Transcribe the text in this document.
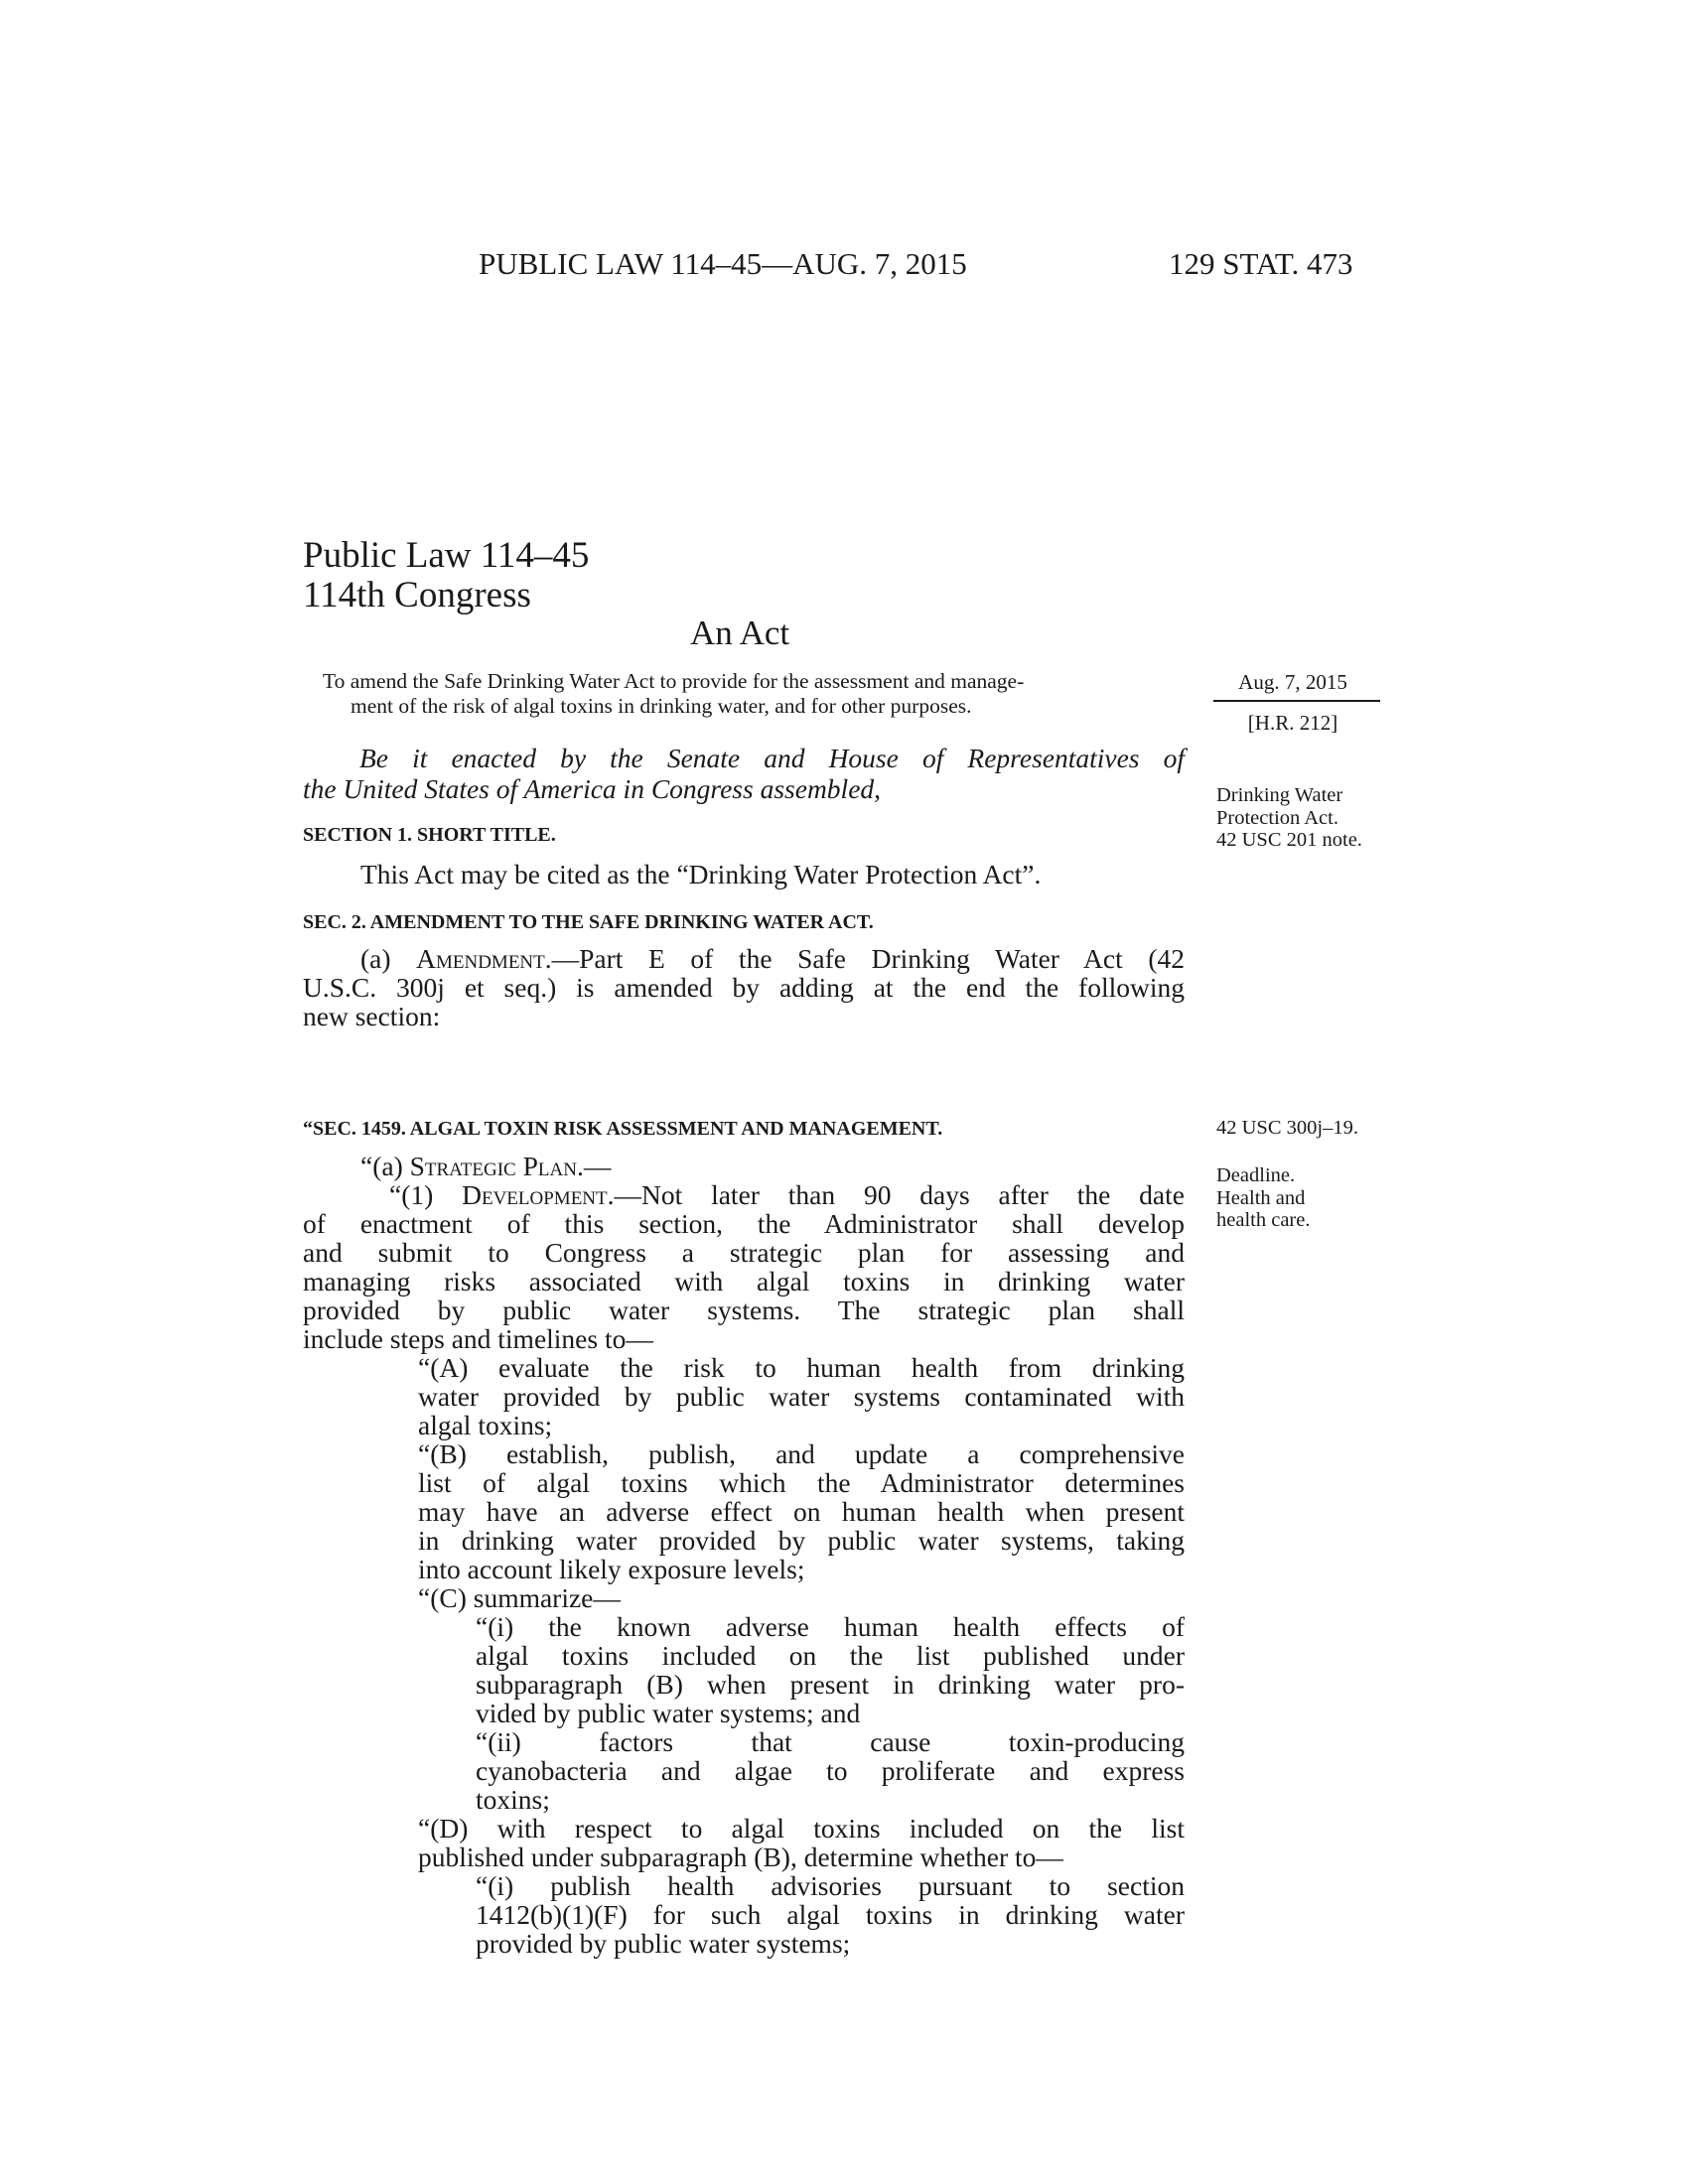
PUBLIC LAW 114–45—AUG. 7, 2015	129 STAT. 473
Public Law 114–45
114th Congress
An Act
To amend the Safe Drinking Water Act to provide for the assessment and manage-
ment of the risk of algal toxins in drinking water, and for other purposes.
Aug. 7, 2015
[H.R. 212]
Drinking Water
Protection Act.
42 USC 201 note.
42 USC 300j–19.
Deadline.
Health and
health care.
Be it enacted by the Senate and House of Representatives of
the United States of America in Congress assembled,
SECTION 1. SHORT TITLE.
This Act may be cited as the “Drinking Water Protection Act”.
SEC. 2. AMENDMENT TO THE SAFE DRINKING WATER ACT.
(a) Amendment.—Part E of the Safe Drinking Water Act (42
U.S.C. 300j et seq.) is amended by adding at the end the following
new section:
“SEC. 1459. ALGAL TOXIN RISK ASSESSMENT AND MANAGEMENT.
“(a) Strategic Plan.—
“(1) Development.—Not later than 90 days after the date
of enactment of this section, the Administrator shall develop
and submit to Congress a strategic plan for assessing and
managing risks associated with algal toxins in drinking water
provided by public water systems. The strategic plan shall
include steps and timelines to—
“(A) evaluate the risk to human health from drinking
water provided by public water systems contaminated with
algal toxins;
“(B) establish, publish, and update a comprehensive
list of algal toxins which the Administrator determines
may have an adverse effect on human health when present
in drinking water provided by public water systems, taking
into account likely exposure levels;
“(C) summarize—
“(i) the known adverse human health effects of
algal toxins included on the list published under
subparagraph (B) when present in drinking water pro-
vided by public water systems; and
“(ii) factors that cause toxin-producing
cyanobacteria and algae to proliferate and express
toxins;
“(D) with respect to algal toxins included on the list
published under subparagraph (B), determine whether to—
“(i) publish health advisories pursuant to section
1412(b)(1)(F) for such algal toxins in drinking water
provided by public water systems;
